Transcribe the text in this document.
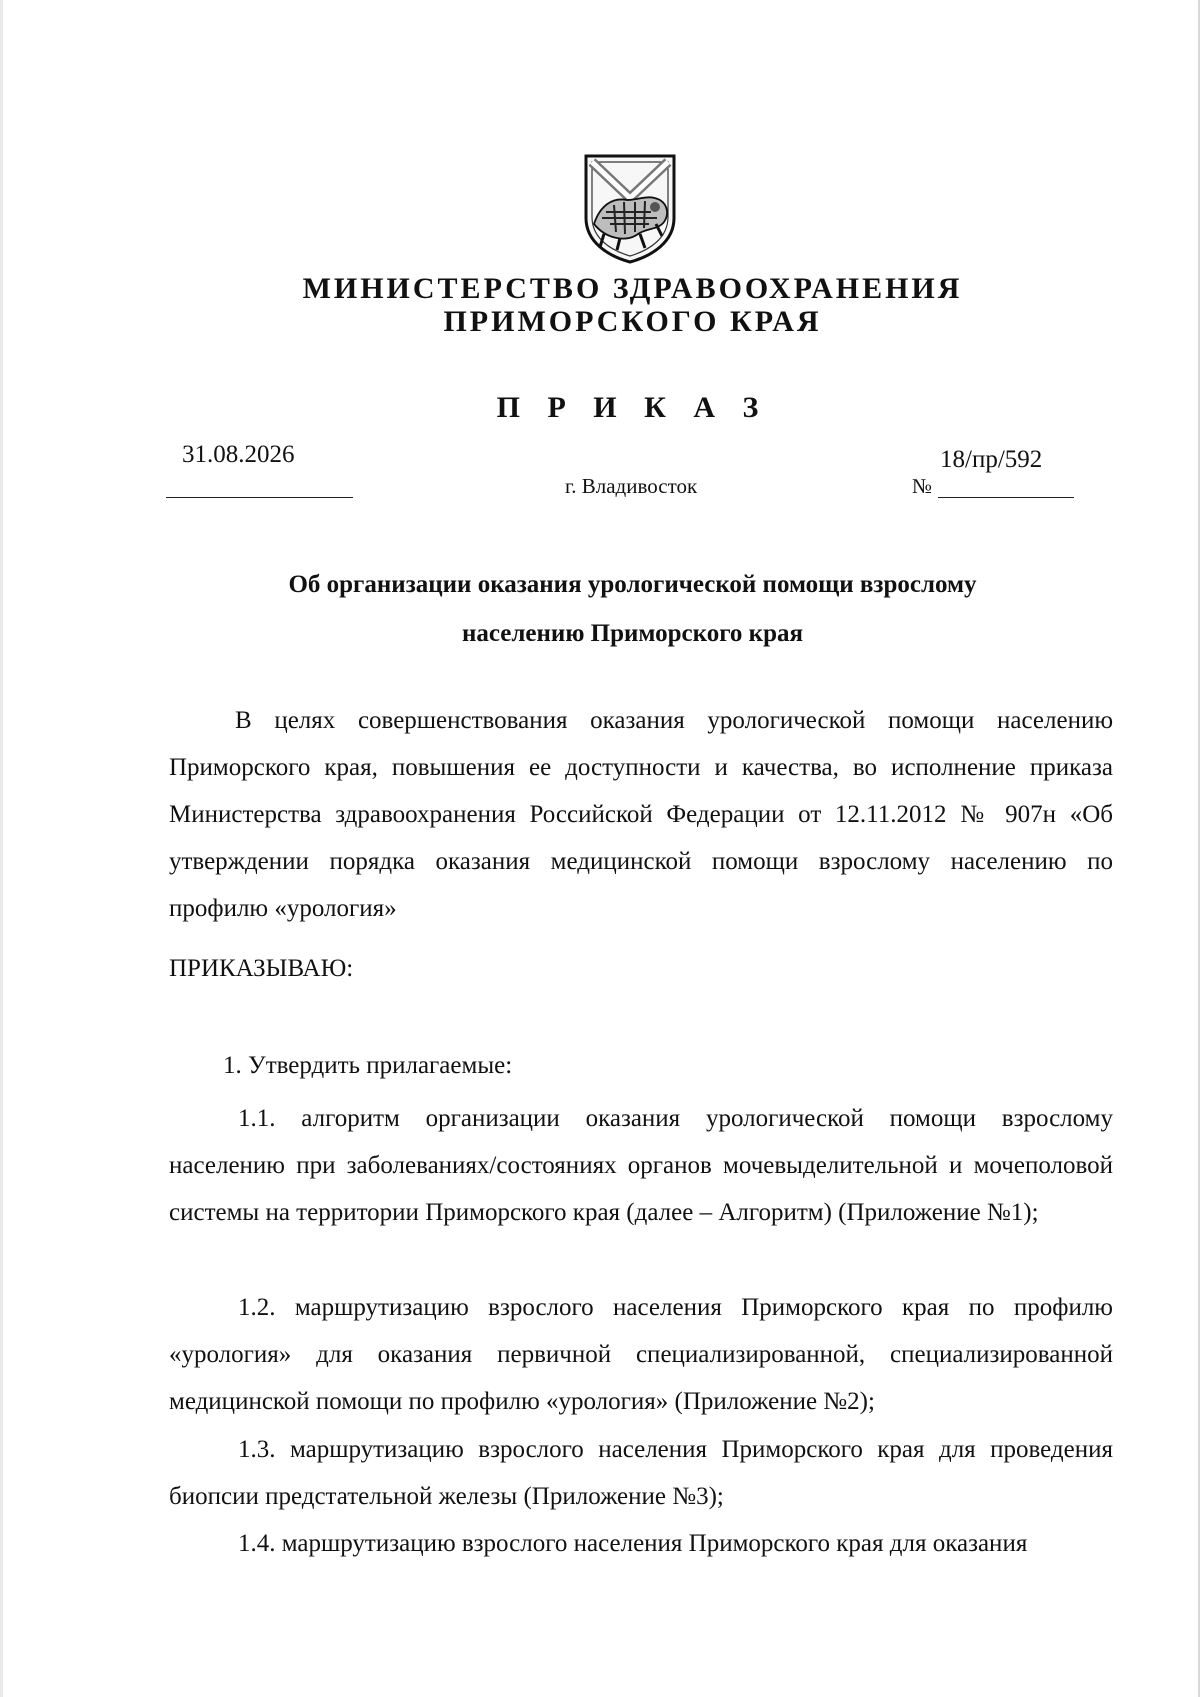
МИНИСТЕРСТВО ЗДРАВООХРАНЕНИЯ
ПРИМОРСКОГО КРАЯ
П Р И К А З
31.08.2026
г. Владивосток
18/пр/592
№
Об организации оказания урологической помощи взрослому
населению Приморского края
В целях совершенствования оказания урологической помощи населению Приморского края, повышения ее доступности и качества, во исполнение приказа Министерства здравоохранения Российской Федерации от 12.11.2012 № 907н «Об утверждении порядка оказания медицинской помощи взрослому населению по профилю «урология»
ПРИКАЗЫВАЮ:
1. Утвердить прилагаемые:
1.1. алгоритм организации оказания урологической помощи взрослому населению при заболеваниях/состояниях органов мочевыделительной и мочеполовой системы на территории Приморского края (далее – Алгоритм) (Приложение №1);
1.2. маршрутизацию взрослого населения Приморского края по профилю «урология» для оказания первичной специализированной, специализированной медицинской помощи по профилю «урология» (Приложение №2);
1.3. маршрутизацию взрослого населения Приморского края для проведения биопсии предстательной железы (Приложение №3);
1.4. маршрутизацию взрослого населения Приморского края для оказания
